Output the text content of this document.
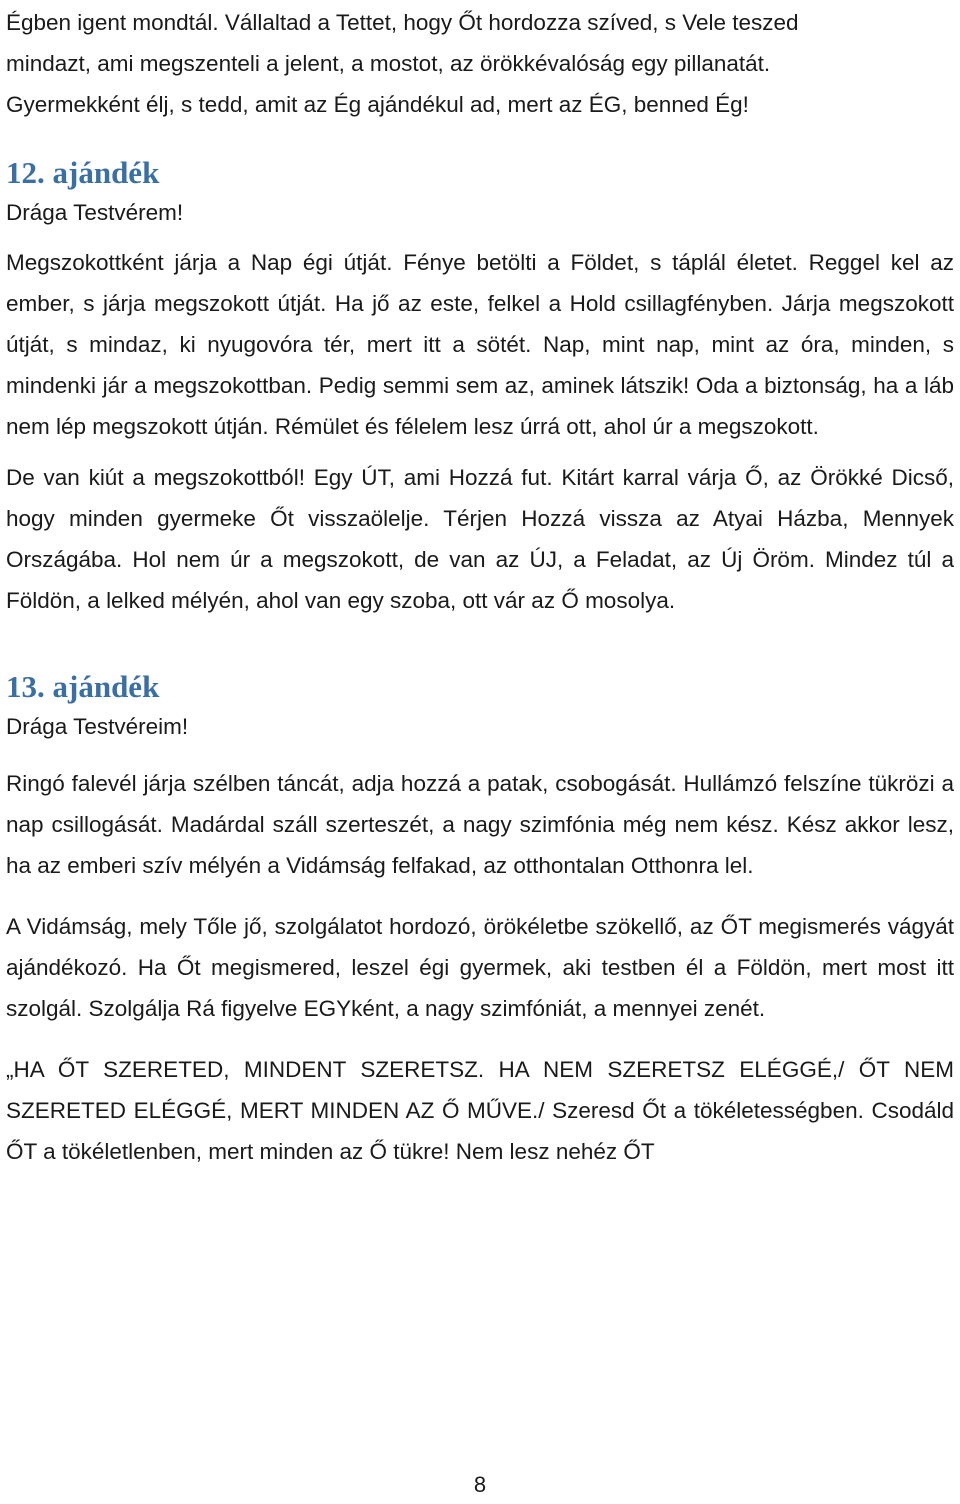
Égben igent mondtál. Vállaltad a Tettet, hogy Őt hordozza szíved, s Vele teszed

mindazt, ami megszenteli a jelent, a mostot, az örökkévalóság egy pillanatát.

Gyermekként élj, s tedd, amit az Ég ajándékul ad, mert az ÉG, benned Ég!

12. ajándék

Drága Testvérem!

Megszokottként járja a Nap égi útját. Fénye betölti a Földet, s táplál életet. Reggel kel az ember, s járja megszokott útját. Ha jő az este, felkel a Hold csillagfényben. Járja megszokott útját, s mindaz, ki nyugovóra tér, mert itt a sötét. Nap, mint nap, mint az óra, minden, s mindenki jár a megszokottban. Pedig semmi sem az, aminek látszik! Oda a biztonság, ha a láb nem lép megszokott útján. Rémület és félelem lesz úrrá ott, ahol úr a megszokott.

De van kiút a megszokottból! Egy ÚT, ami Hozzá fut. Kitárt karral várja Ő, az Örökké Dicső, hogy minden gyermeke Őt visszaölelje. Térjen Hozzá vissza az Atyai Házba, Mennyek Országába. Hol nem úr a megszokott, de van az ÚJ, a Feladat, az Új Öröm. Mindez túl a Földön, a lelked mélyén, ahol van egy szoba, ott vár az Ő mosolya.

13. ajándék

Drága Testvéreim!

Ringó falevél járja szélben táncát, adja hozzá a patak, csobogását. Hullámzó felszíne tükrözi a nap csillogását. Madárdal száll szerteszét, a nagy szimfónia még nem kész. Kész akkor lesz, ha az emberi szív mélyén a Vidámság felfakad, az otthontalan Otthonra lel.

A Vidámság, mely Tőle jő, szolgálatot hordozó, örökéletbe szökellő, az ŐT megismerés vágyát ajándékozó. Ha Őt megismered, leszel égi gyermek, aki testben él a Földön, mert most itt szolgál. Szolgálja Rá figyelve EGYként, a nagy szimfóniát, a mennyei zenét.

„HA ŐT SZERETED, MINDENT SZERETSZ. HA NEM SZERETSZ ELÉGGÉ,/ ŐT NEM SZERETED ELÉGGÉ, MERT MINDEN AZ Ő MŰVE./ Szeresd Őt a tökéletességben. Csodáld ŐT a tökéletlenben, mert minden az Ő tükre! Nem lesz nehéz ŐT

8
